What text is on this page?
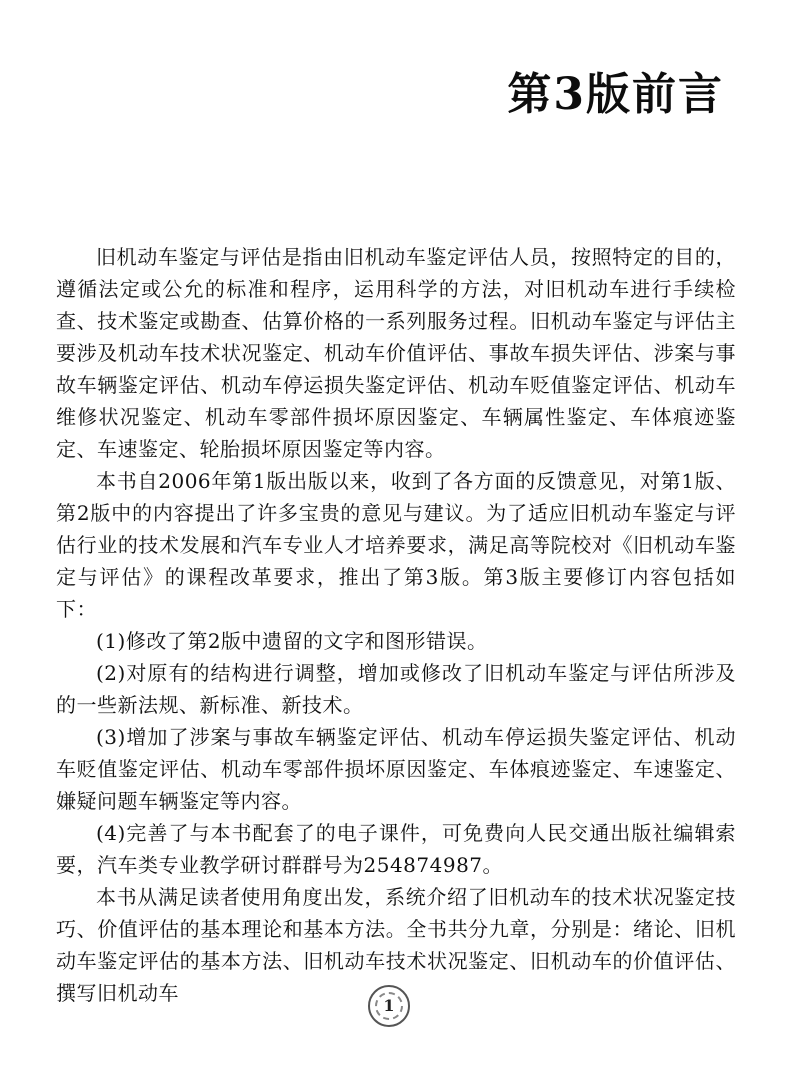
第3版前言

旧机动车鉴定与评估是指由旧机动车鉴定评估人员，按照特定的目的，遵循法定或公允的标准和程序，运用科学的方法，对旧机动车进行手续检查、技术鉴定或勘查、估算价格的一系列服务过程。旧机动车鉴定与评估主要涉及机动车技术状况鉴定、机动车价值评估、事故车损失评估、涉案与事故车辆鉴定评估、机动车停运损失鉴定评估、机动车贬值鉴定评估、机动车维修状况鉴定、机动车零部件损坏原因鉴定、车辆属性鉴定、车体痕迹鉴定、车速鉴定、轮胎损坏原因鉴定等内容。

本书自2006年第1版出版以来，收到了各方面的反馈意见，对第1版、第2版中的内容提出了许多宝贵的意见与建议。为了适应旧机动车鉴定与评估行业的技术发展和汽车专业人才培养要求，满足高等院校对《旧机动车鉴定与评估》的课程改革要求，推出了第3版。第3版主要修订内容包括如下：

(1)修改了第2版中遗留的文字和图形错误。

(2)对原有的结构进行调整，增加或修改了旧机动车鉴定与评估所涉及的一些新法规、新标准、新技术。

(3)增加了涉案与事故车辆鉴定评估、机动车停运损失鉴定评估、机动车贬值鉴定评估、机动车零部件损坏原因鉴定、车体痕迹鉴定、车速鉴定、嫌疑问题车辆鉴定等内容。

(4)完善了与本书配套了的电子课件，可免费向人民交通出版社编辑索要，汽车类专业教学研讨群群号为254874987。

本书从满足读者使用角度出发，系统介绍了旧机动车的技术状况鉴定技巧、价值评估的基本理论和基本方法。全书共分九章，分别是：绪论、旧机动车鉴定评估的基本方法、旧机动车技术状况鉴定、旧机动车的价值评估、撰写旧机动车

1
